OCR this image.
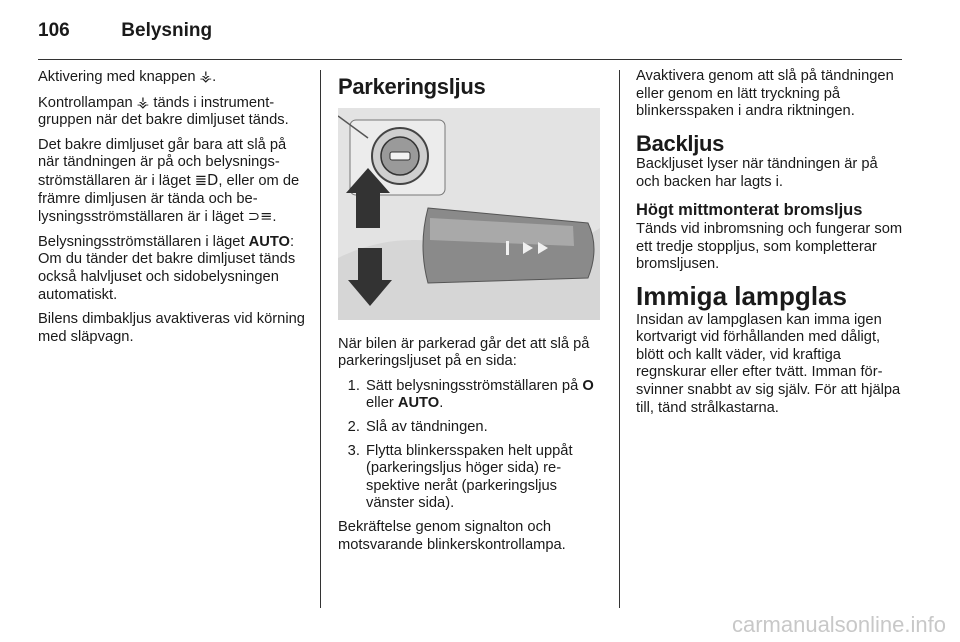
106	Belysning

Aktivering med knappen ⚶.

Kontrollampan ⚶ tänds i instrumentgruppen när det bakre dimljuset tänds.

Det bakre dimljuset går bara att slå på när tändningen är på och belysningsströmställaren är i läget ≣D, eller om de främre dimljusen är tända och belysningsströmställaren är i läget ⊃≡.

Belysningsströmställaren i läget AUTO: Om du tänder det bakre dimljuset tänds också halvljuset och sidobelysningen automatiskt.

Bilens dimbakljus avaktiveras vid körning med släpvagn.

Parkeringsljus

När bilen är parkerad går det att slå på parkeringsljuset på en sida:

1. Sätt belysningsströmställaren på O eller AUTO.
2. Slå av tändningen.
3. Flytta blinkersspaken helt uppåt (parkeringsljus höger sida) respektive neråt (parkeringsljus vänster sida).

Bekräftelse genom signalton och motsvarande blinkerskontrollampa.

Avaktivera genom att slå på tändningen eller genom en lätt tryckning på blinkersspaken i andra riktningen.

Backljus

Backljuset lyser när tändningen är på och backen har lagts i.

Högt mittmonterat bromsljus

Tänds vid inbromsning och fungerar som ett tredje stoppljus, som kompletterar bromsljusen.

Immiga lampglas

Insidan av lampglasen kan imma igen kortvarigt vid förhållanden med dåligt, blött och kallt väder, vid kraftiga regnskurar eller efter tvätt. Imman försvinner snabbt av sig själv. För att hjälpa till, tänd strålkastarna.

carmanualsonline.info
